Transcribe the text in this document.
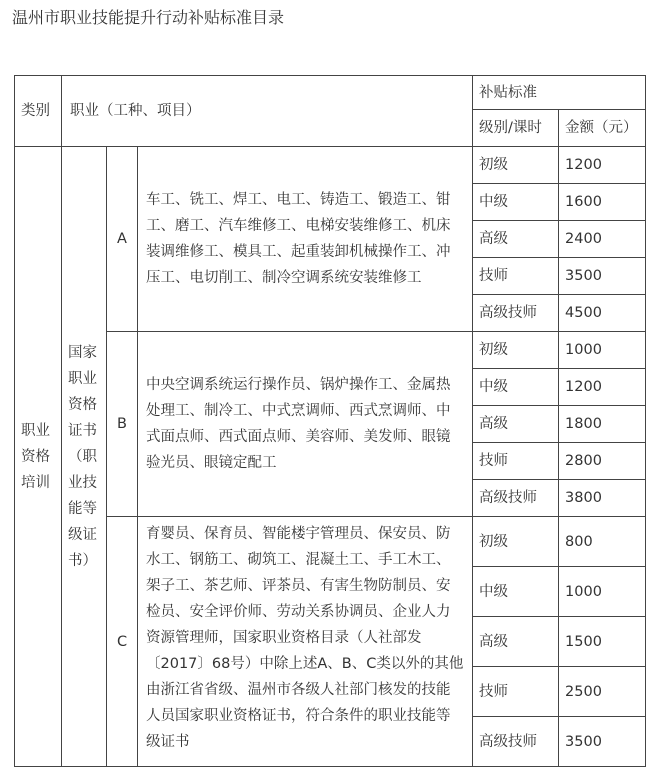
温州市职业技能提升行动补贴标准目录
类别	职业（工种、项目）			补贴标准	
				级别/课时	金额（元）
职业资格培训	国家职业资格证书（职业技能等级证书）	A	车工、铣工、焊工、电工、铸造工、锻造工、钳工、磨工、汽车维修工、电梯安装维修工、机床装调维修工、模具工、起重装卸机械操作工、冲压工、电切削工、制冷空调系统安装维修工	初级	1200
				中级	1600
				高级	2400
				技师	3500
				高级技师	4500
		B	中央空调系统运行操作员、锅炉操作工、金属热处理工、制冷工、中式烹调师、西式烹调师、中式面点师、西式面点师、美容师、美发师、眼镜验光员、眼镜定配工	初级	1000
				中级	1200
				高级	1800
				技师	2800
				高级技师	3800
		C	育婴员、保育员、智能楼宇管理员、保安员、防水工、钢筋工、砌筑工、混凝土工、手工木工、架子工、茶艺师、评茶员、有害生物防制员、安检员、安全评价师、劳动关系协调员、企业人力资源管理师，国家职业资格目录（人社部发〔2017〕68号）中除上述A、B、C类以外的其他由浙江省省级、温州市各级人社部门核发的技能人员国家职业资格证书，符合条件的职业技能等级证书	初级	800
				中级	1000
				高级	1500
				技师	2500
				高级技师	3500
